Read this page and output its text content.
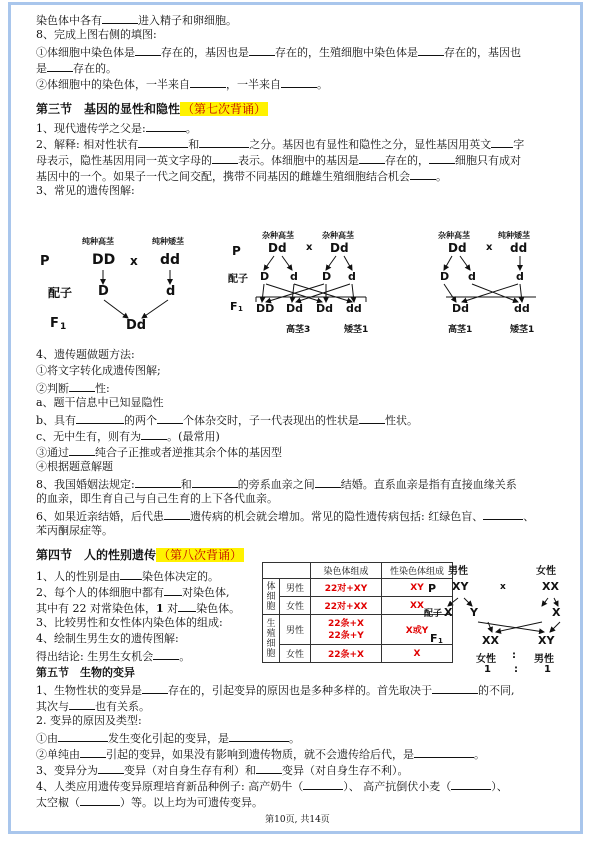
染色体中各有	进入精子和卵细胞。
8、完成上图右侧的填图:
①体细胞中染色体是 存在的，基因也是 存在的，生殖细胞中染色体是 存在的，基因也
是 存在的。
②体细胞中的染色体，一半来自	，一半来自	。
第三节　基因的显性和隐性 （第七次背诵）
1、现代遗传学之父是:	。
2、解释: 相对性状有	和	之分。基因也有显性和隐性之分，显性基因用英文 字
母表示，隐性基因用同一英文字母的 表示。体细胞中的基因是 存在的， 细胞只有成对
基因中的一个。如果子一代之间交配，携带不同基因的雌雄生殖细胞结合机会 。
3、常见的遗传图解:
纯种高茎	纯种矮茎
P	DD x dd
配子 D	d
F 1	Dd
杂种高茎	杂种高茎
P Dd x Dd
配子 D d D d
F 1 DD Dd Dd dd
高茎3	矮茎1
杂种高茎	纯种矮茎
Dd x dd
D d	d
Dd	dd
高茎1	矮茎1
4、遗传题做题方法:
①将文字转化成遗传图解;
②判断 性:
a、题干信息中已知显隐性
b、具有	的两个 个体杂交时，子一代表现出的性状是 性状。
c、无中生有，则有为 。(最常用)
③通过 纯合子正推或者逆推其余个体的基因型
④根据题意解题
8、我国婚姻法规定:	和	的旁系血亲之间 结婚。直系血亲是指有直接血缘关系
的血亲，即生育自己与自己生育的上下各代血亲。
6、如果近亲结婚，后代患 遗传病的机会就会增加。常见的隐性遗传病包括: 红绿色盲、	、
苯丙酮尿症等。
第四节　人的性别遗传 （第八次背诵）
1、人的性别是由 染色体决定的。
2、每个人的体细胞中都有 对染色体,
其中有 22 对常染色体，1 对 染色体。
3、比较男性和女性体内染色体的组成:
4、绘制生男生女的遗传图解:
得出结论: 生男生女机会 。
		染色体组成	性染色体组成
体细胞	男性	22对+XY	XY
	女性	22对+XX	XX
生殖细胞	男性	22条+X
22条+Y	X或Y
	女性	22条+X	X
男性	女性
P XY	x	XX
配子 X Y	X
F 1	XX	XY
女性 : 男性
1 :	1
第五节　生物的变异
1、生物性状的变异是 存在的，引起变异的原因也是多种多样的。首先取决于	的不同,
其次与 也有关系。
2. 变异的原因及类型:
①由	发生变化引起的变异，是	。
②单纯由 引起的变异，如果没有影响到遗传物质，就不会遗传给后代，是	。
3、变异分为 变异（对自身生存有利）和 变异（对自身生存不利）。
4、人类应用遗传变异原理培育新品种例子: 高产奶牛（	）、 高产抗倒伏小麦（	）、
太空椒（	）等。以上均为可遗传变异。
第10页, 共14页
